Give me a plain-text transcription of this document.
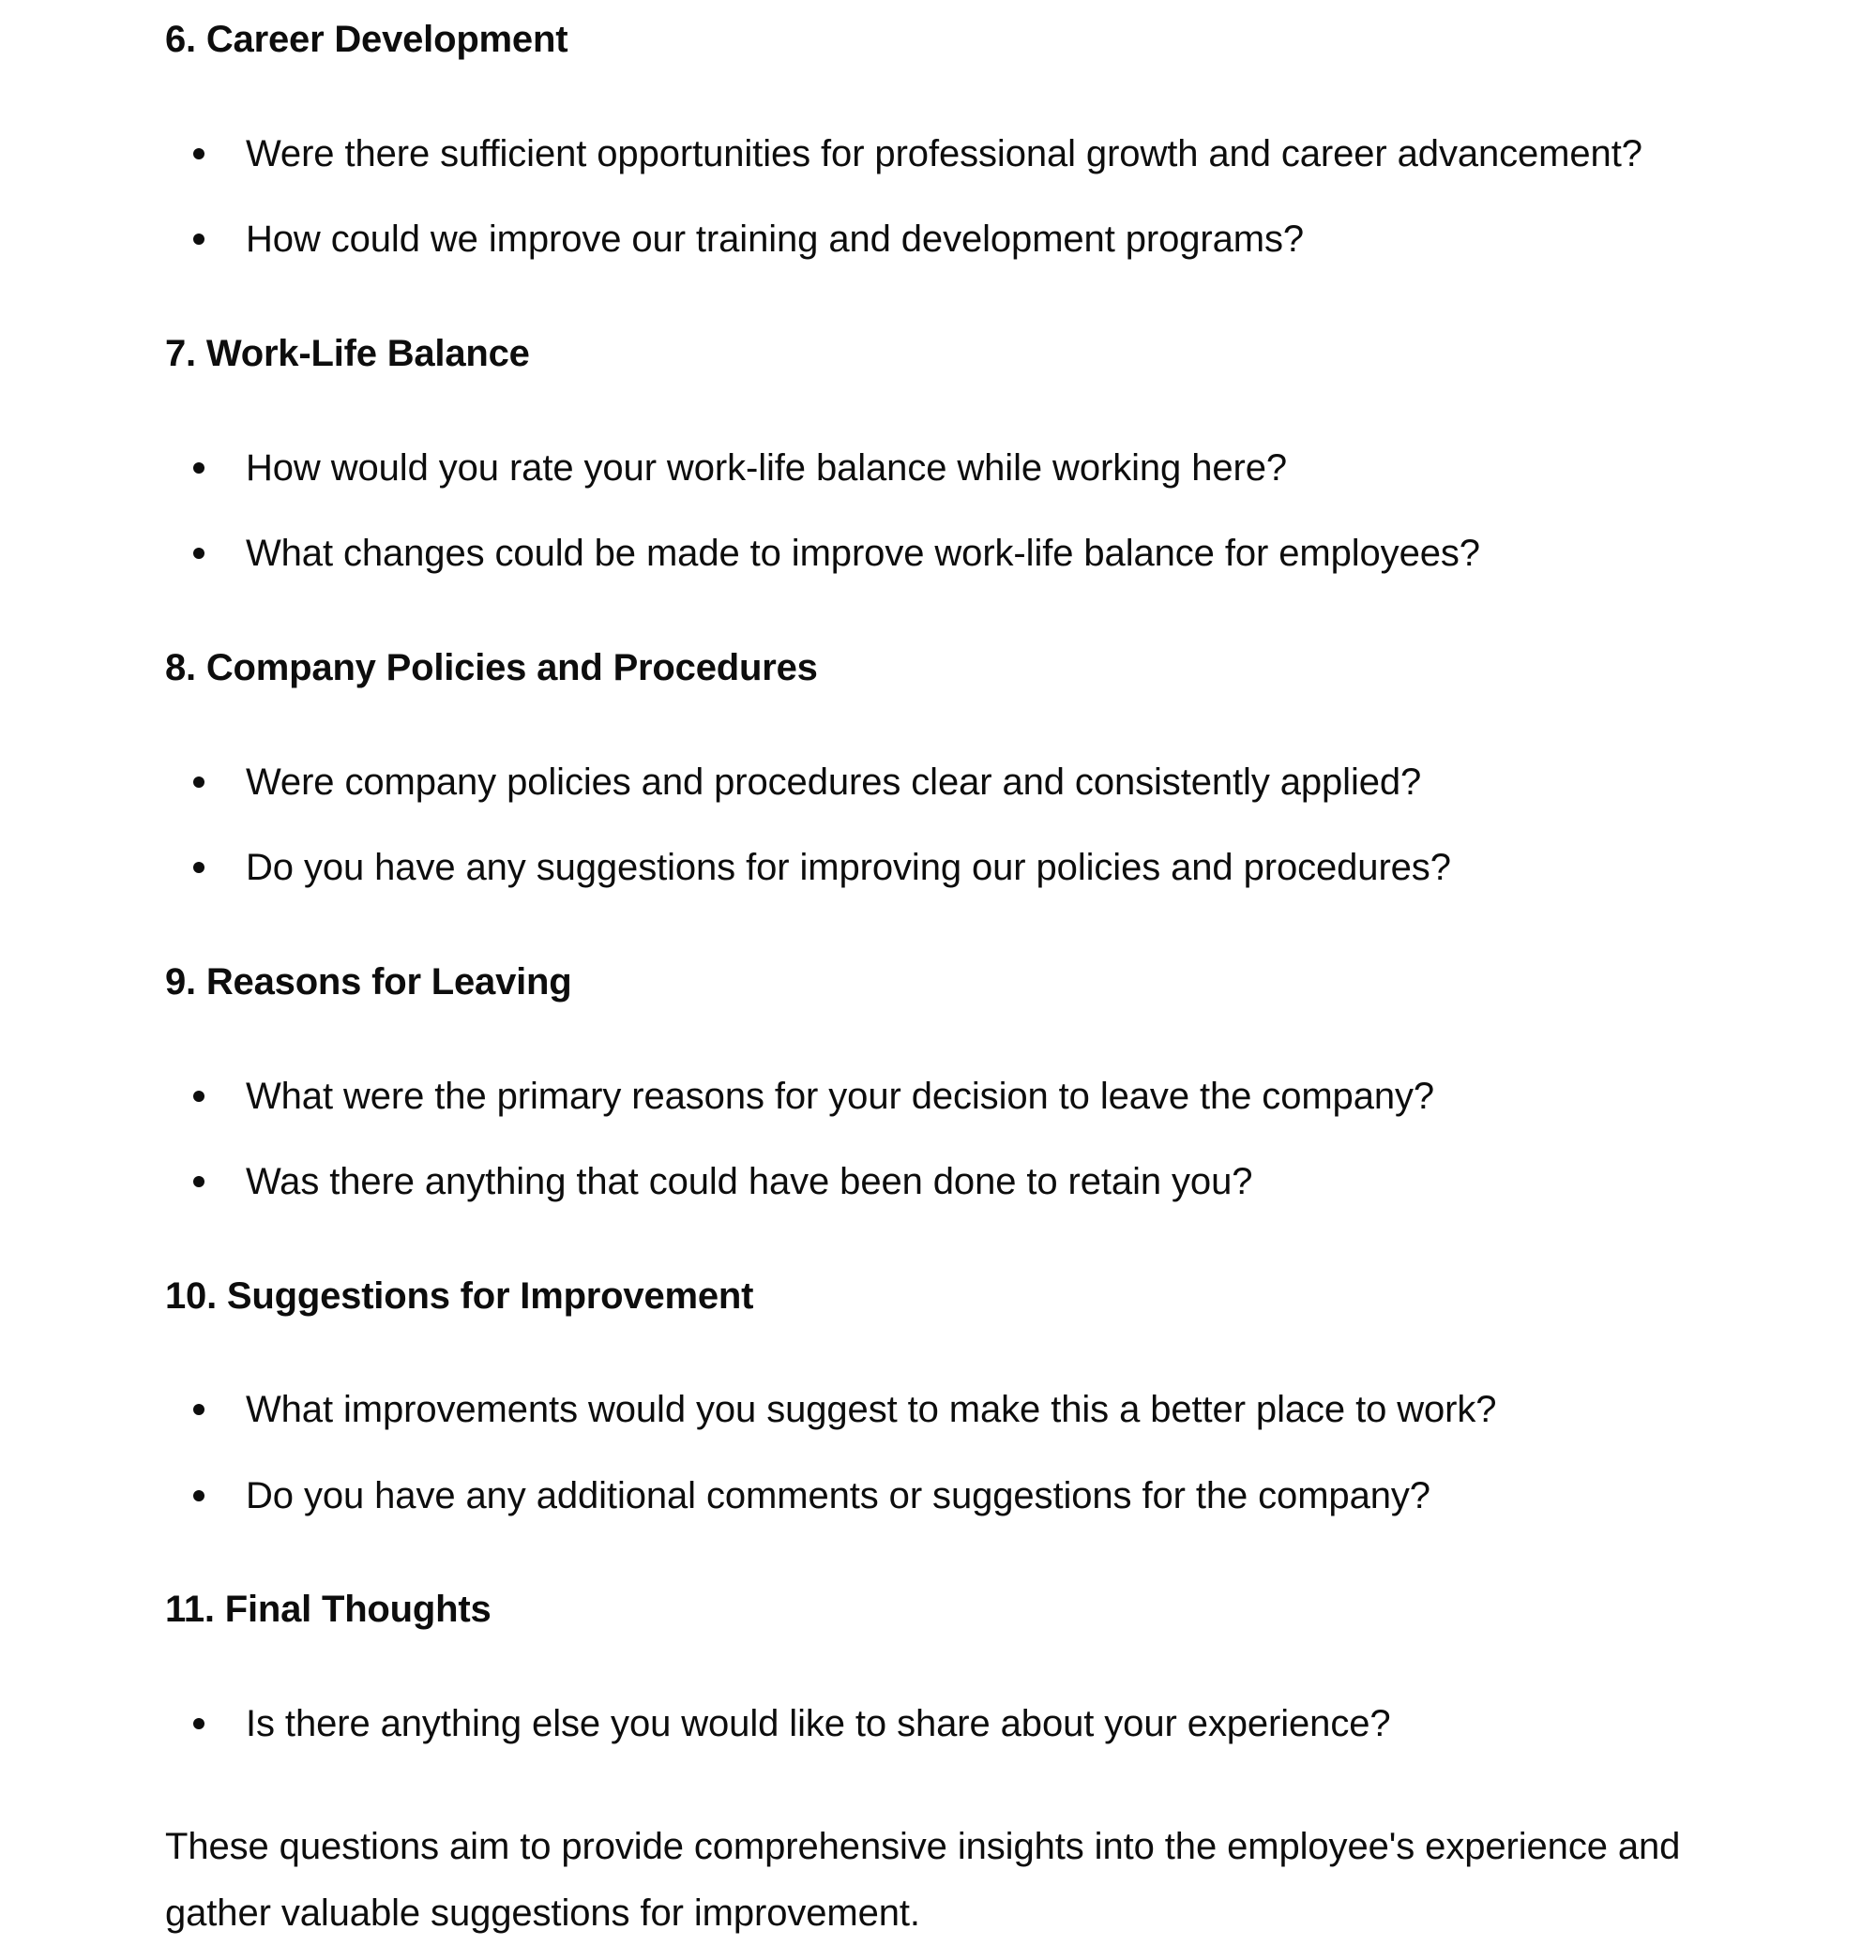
6. Career Development
Were there sufficient opportunities for professional growth and career advancement?
How could we improve our training and development programs?
7. Work-Life Balance
How would you rate your work-life balance while working here?
What changes could be made to improve work-life balance for employees?
8. Company Policies and Procedures
Were company policies and procedures clear and consistently applied?
Do you have any suggestions for improving our policies and procedures?
9. Reasons for Leaving
What were the primary reasons for your decision to leave the company?
Was there anything that could have been done to retain you?
10. Suggestions for Improvement
What improvements would you suggest to make this a better place to work?
Do you have any additional comments or suggestions for the company?
11. Final Thoughts
Is there anything else you would like to share about your experience?

These questions aim to provide comprehensive insights into the employee's experience and gather valuable suggestions for improvement.
